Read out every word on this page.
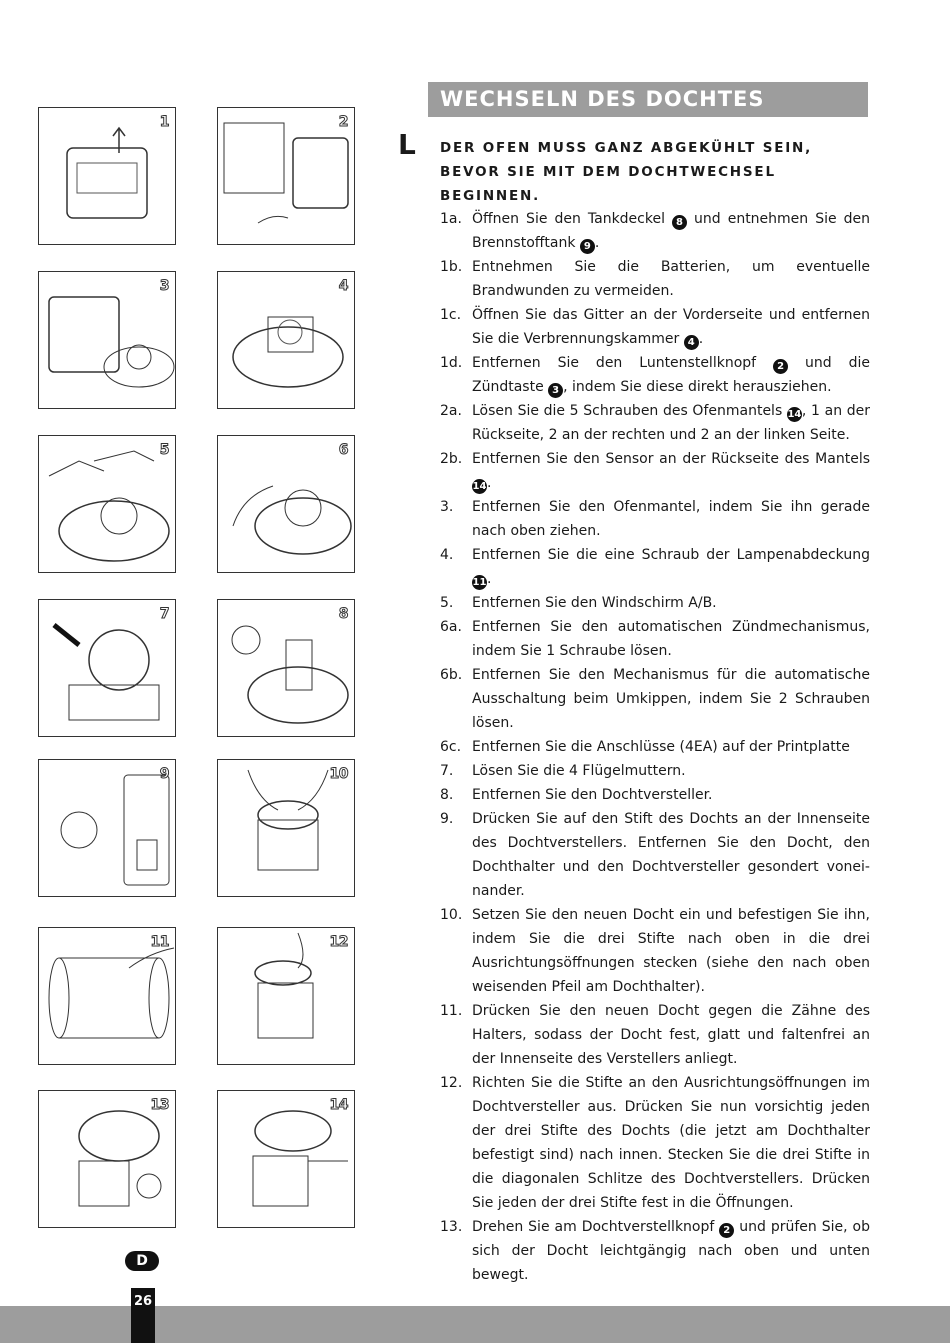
1	2
3	4
5	6
7	8
9	10
11	12
13	14
WECHSELN DES DOCHTES
L DER OFEN MUSS GANZ ABGEKÜHLT SEIN, BEVOR SIE MIT DEM DOCHTWECHSEL BEGINNEN.
1a. Öffnen Sie den Tankdeckel 8 und entnehmen Sie den Brennstofftank 9 .
1b. Entnehmen Sie die Batterien, um eventuelle Brandwunden zu vermeiden.
1c. Öffnen Sie das Gitter an der Vorderseite und entfernen Sie die Verbrennungskammer 4 .
1d. Entfernen Sie den Luntenstellknopf 2 und die Zündtaste 3 , indem Sie diese direkt herausziehen.
2a. Lösen Sie die 5 Schrauben des Ofenmantels 14, 1 an der Rückseite, 2 an der rechten und 2 an der linken Seite.
2b. Entfernen Sie den Sensor an der Rückseite des Mantels 14.
3.	Entfernen Sie den Ofenmantel, indem Sie ihn gerade nach oben ziehen.
4.	Entfernen Sie die eine Schraub der Lampenabdeckung 11.
5.	Entfernen Sie den Windschirm A/B.
6a. Entfernen Sie den automatischen Zündmechanismus, indem Sie 1 Schraube lösen.
6b. Entfernen Sie den Mechanismus für die automatische Ausschaltung beim Umkippen, indem Sie 2 Schrauben lösen.
6c. Entfernen Sie die Anschlüsse (4EA) auf der Printplatte
7.	Lösen Sie die 4 Flügelmuttern.
8.	Entfernen Sie den Dochtversteller.
9.	Drücken Sie auf den Stift des Dochts an der Innenseite des Dochtverstellers. Entfernen Sie den Docht, den Dochthalter und den Dochtversteller gesondert vonei-nander.
10. Setzen Sie den neuen Docht ein und befestigen Sie ihn, indem Sie die drei Stifte nach oben in die drei Ausrichtungsöffnungen stecken (siehe den nach oben weisenden Pfeil am Dochthalter).
11. Drücken Sie den neuen Docht gegen die Zähne des Halters, sodass der Docht fest, glatt und faltenfrei an der Innenseite des Verstellers anliegt.
12. Richten Sie die Stifte an den Ausrichtungsöffnungen im Dochtversteller aus. Drücken Sie nun vorsichtig jeden der drei Stifte des Dochts (die jetzt am Dochthalter befestigt sind) nach innen. Stecken Sie die drei Stifte in die diagonalen Schlitze des Dochtverstellers. Drücken Sie jeden der drei Stifte fest in die Öffnungen.
13. Drehen Sie am Dochtverstellknopf 2 und prüfen Sie, ob sich der Docht leichtgängig nach oben und unten bewegt.
D
26
